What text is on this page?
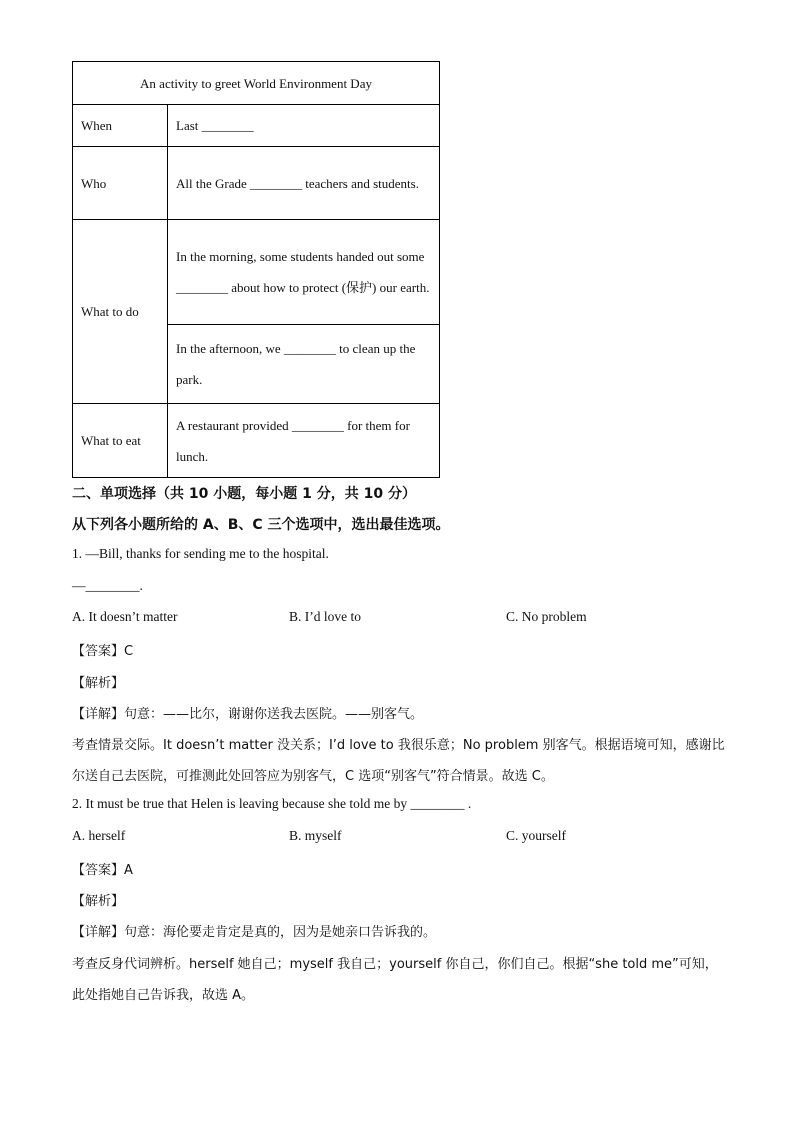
An activity to greet World Environment Day	
When	Last ________
Who	All the Grade ________ teachers and students.
What to do	In the morning, some students handed out some ________ about how to protect (保护) our earth.
	In the afternoon, we ________ to clean up the park.
What to eat	A restaurant provided ________ for them for lunch.
二、单项选择（共 10 小题，每小题 1 分，共 10 分）
从下列各小题所给的 A、B、C 三个选项中，选出最佳选项。
1. —Bill, thanks for sending me to the hospital.
—________.
A. It doesn’t matter	B. I’d love to	C. No problem
【答案】C
【解析】
【详解】句意：——比尔，谢谢你送我去医院。——别客气。
考查情景交际。It doesn’t matter 没关系；I’d love to 我很乐意；No problem 别客气。根据语境可知，感谢比
尔送自己去医院，可推测此处回答应为别客气，C 选项“别客气”符合情景。故选 C。
2. It must be true that Helen is leaving because she told me by ________ .
A. herself	B. myself	C. yourself
【答案】A
【解析】
【详解】句意：海伦要走肯定是真的，因为是她亲口告诉我的。
考查反身代词辨析。herself 她自己；myself 我自己；yourself 你自己，你们自己。根据“she told me”可知，
此处指她自己告诉我，故选 A。
